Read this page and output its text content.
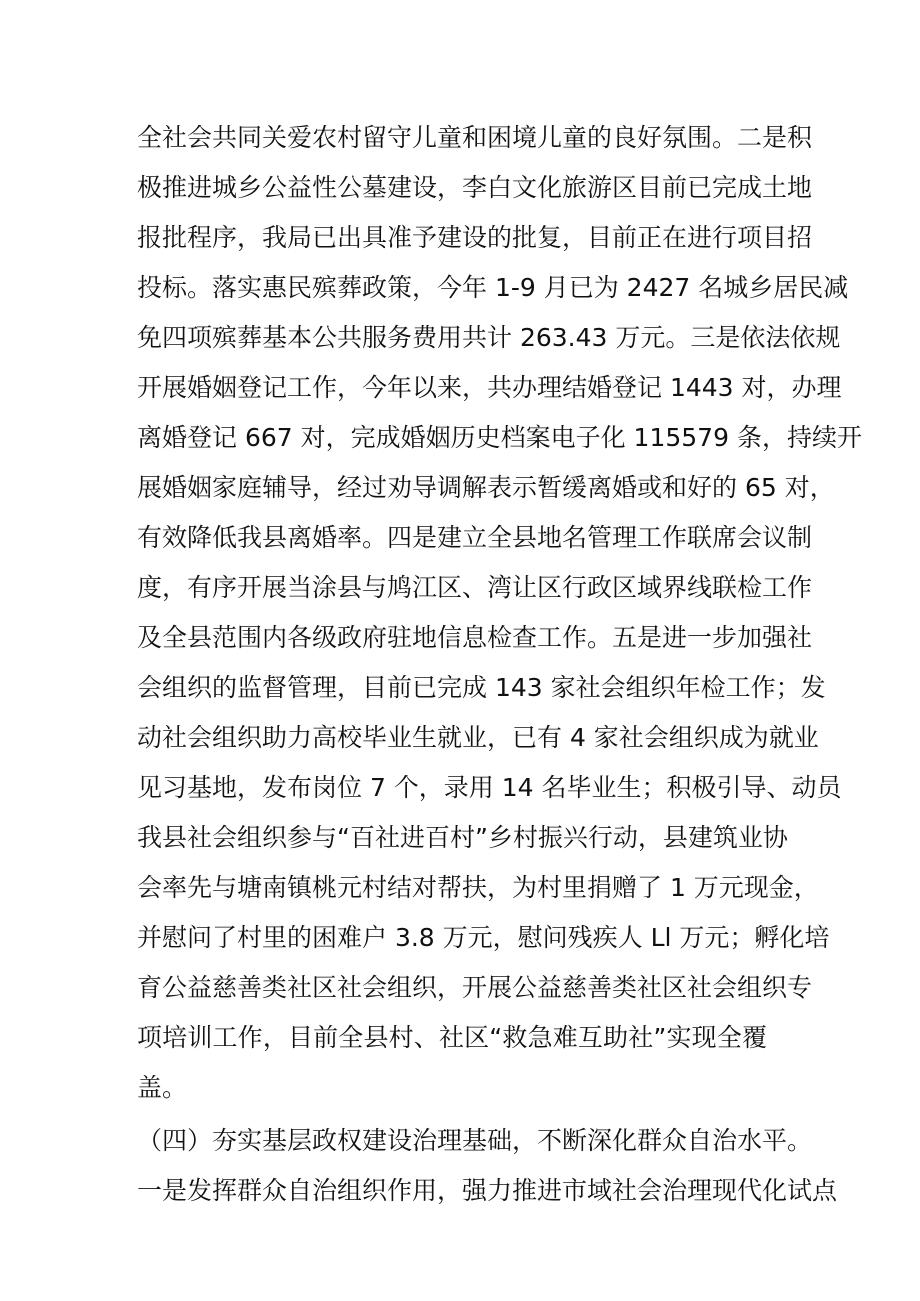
全社会共同关爱农村留守儿童和困境儿童的良好氛围。二是积
极推进城乡公益性公墓建设，李白文化旅游区目前已完成土地
报批程序，我局已出具准予建设的批复，目前正在进行项目招
投标。落实惠民殡葬政策，今年 1-9 月已为 2427 名城乡居民减
免四项殡葬基本公共服务费用共计 263.43 万元。三是依法依规
开展婚姻登记工作，今年以来，共办理结婚登记 1443 对，办理
离婚登记 667 对，完成婚姻历史档案电子化 115579 条，持续开
展婚姻家庭辅导，经过劝导调解表示暂缓离婚或和好的 65 对，
有效降低我县离婚率。四是建立全县地名管理工作联席会议制
度，有序开展当涂县与鸠江区、湾让区行政区域界线联检工作
及全县范围内各级政府驻地信息检查工作。五是进一步加强社
会组织的监督管理，目前已完成 143 家社会组织年检工作；发
动社会组织助力高校毕业生就业，已有 4 家社会组织成为就业
见习基地，发布岗位 7 个，录用 14 名毕业生；积极引导、动员
我县社会组织参与“百社进百村”乡村振兴行动，县建筑业协
会率先与塘南镇桃元村结对帮扶，为村里捐赠了 1 万元现金，
并慰问了村里的困难户 3.8 万元，慰问残疾人 Ll 万元；孵化培
育公益慈善类社区社会组织，开展公益慈善类社区社会组织专
项培训工作，目前全县村、社区“救急难互助社”实现全覆
盖。
（四）夯实基层政权建设治理基础，不断深化群众自治水平。
一是发挥群众自治组织作用，强力推进市域社会治理现代化试点
